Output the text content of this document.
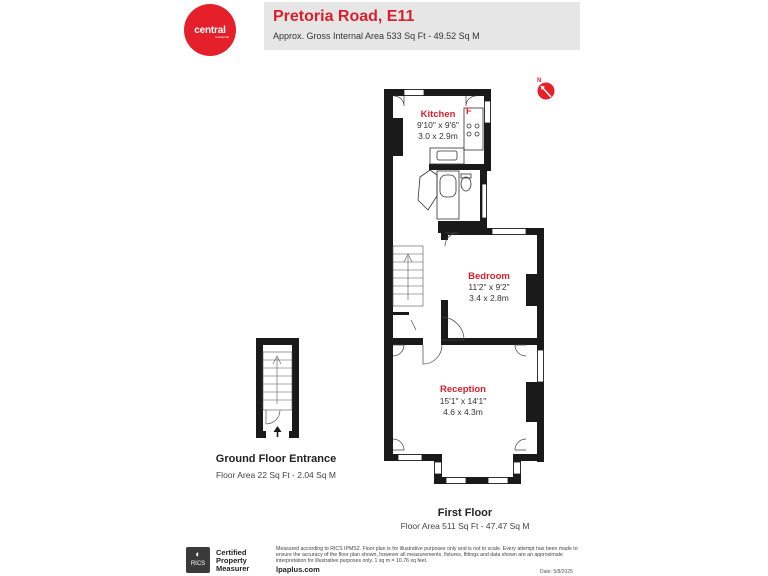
central
residential
Pretoria Road, E11
Approx. Gross Internal Area 533 Sq Ft - 49.52 Sq M
N
F
Kitchen
9'10" x 9'6"
3.0 x 2.9m
Bedroom
11'2" x 9'2"
3.4 x 2.8m
Reception
15'1" x 14'1"
4.6 x 4.3m
Ground Floor Entrance
Floor Area 22 Sq Ft - 2.04 Sq M
First Floor
Floor Area 511 Sq Ft - 47.47 Sq M
◐
RICS
Certified
Property
Measurer
Measured according to RICS IPMS2. Floor plan is for illustrative purposes only and is not to scale. Every attempt has been made to ensure the accuracy of the floor plan shown, however all measurements, fixtures, fittings and data shown are an approximate interpretation for illustrative purposes only. 1 sq m = 10.76 sq feet.
lpaplus.com	Date: 5/8/2025
